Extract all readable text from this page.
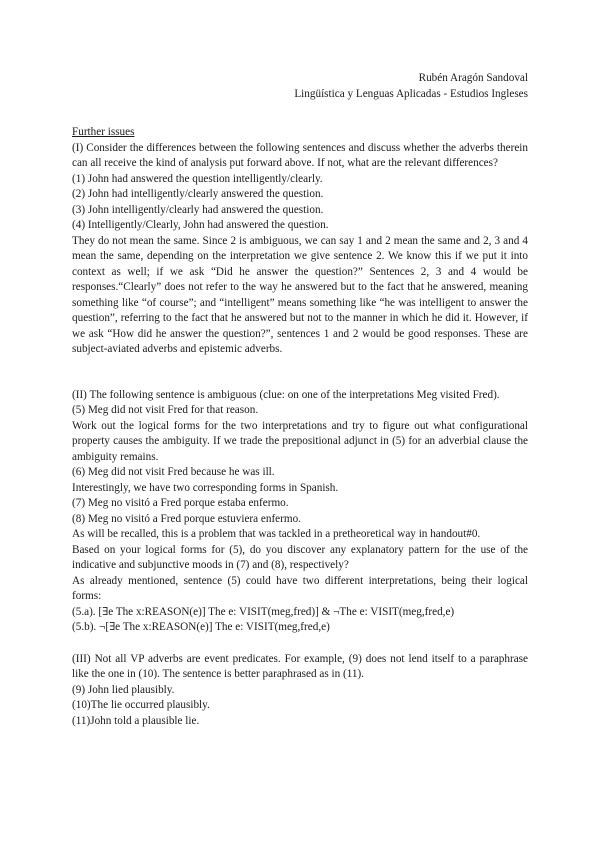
Rubén Aragón Sandoval
Lingüística y Lenguas Aplicadas - Estudios Ingleses
Further issues

(I) Consider the differences between the following sentences and discuss whether the adverbs therein can all receive the kind of analysis put forward above. If not, what are the relevant differences?

(1) John had answered the question intelligently/clearly.
(2) John had intelligently/clearly answered the question.
(3) John intelligently/clearly had answered the question.
(4) Intelligently/Clearly, John had answered the question.

They do not mean the same. Since 2 is ambiguous, we can say 1 and 2 mean the same and 2, 3 and 4 mean the same, depending on the interpretation we give sentence 2. We know this if we put it into context as well; if we ask “Did he answer the question?” Sentences 2, 3 and 4 would be responses.“Clearly” does not refer to the way he answered but to the fact that he answered, meaning something like “of course”; and “intelligent” means something like “he was intelligent to answer the question”, referring to the fact that he answered but not to the manner in which he did it. However, if we ask “How did he answer the question?”, sentences 1 and 2 would be good responses. These are subject-aviated adverbs and epistemic adverbs.

(II) The following sentence is ambiguous (clue: on one of the interpretations Meg visited Fred).

(5) Meg did not visit Fred for that reason.

Work out the logical forms for the two interpretations and try to figure out what configurational property causes the ambiguity. If we trade the prepositional adjunct in (5) for an adverbial clause the ambiguity remains.

(6) Meg did not visit Fred because he was ill.
Interestingly, we have two corresponding forms in Spanish.
(7) Meg no visitó a Fred porque estaba enfermo.
(8) Meg no visitó a Fred porque estuviera enfermo.

As will be recalled, this is a problem that was tackled in a pretheoretical way in handout#0.

Based on your logical forms for (5), do you discover any explanatory pattern for the use of the indicative and subjunctive moods in (7) and (8), respectively?

As already mentioned, sentence (5) could have two different interpretations, being their logical forms:

(5.a). [∃e The x:REASON(e)] The e: VISIT(meg,fred)] & ¬The e: VISIT(meg,fred,e)
(5.b). ¬[∃e The x:REASON(e)] The e: VISIT(meg,fred,e)

(III) Not all VP adverbs are event predicates. For example, (9) does not lend itself to a paraphrase like the one in (10). The sentence is better paraphrased as in (11).

(9) John lied plausibly.
(10)The lie occurred plausibly.
(11)John told a plausible lie.
